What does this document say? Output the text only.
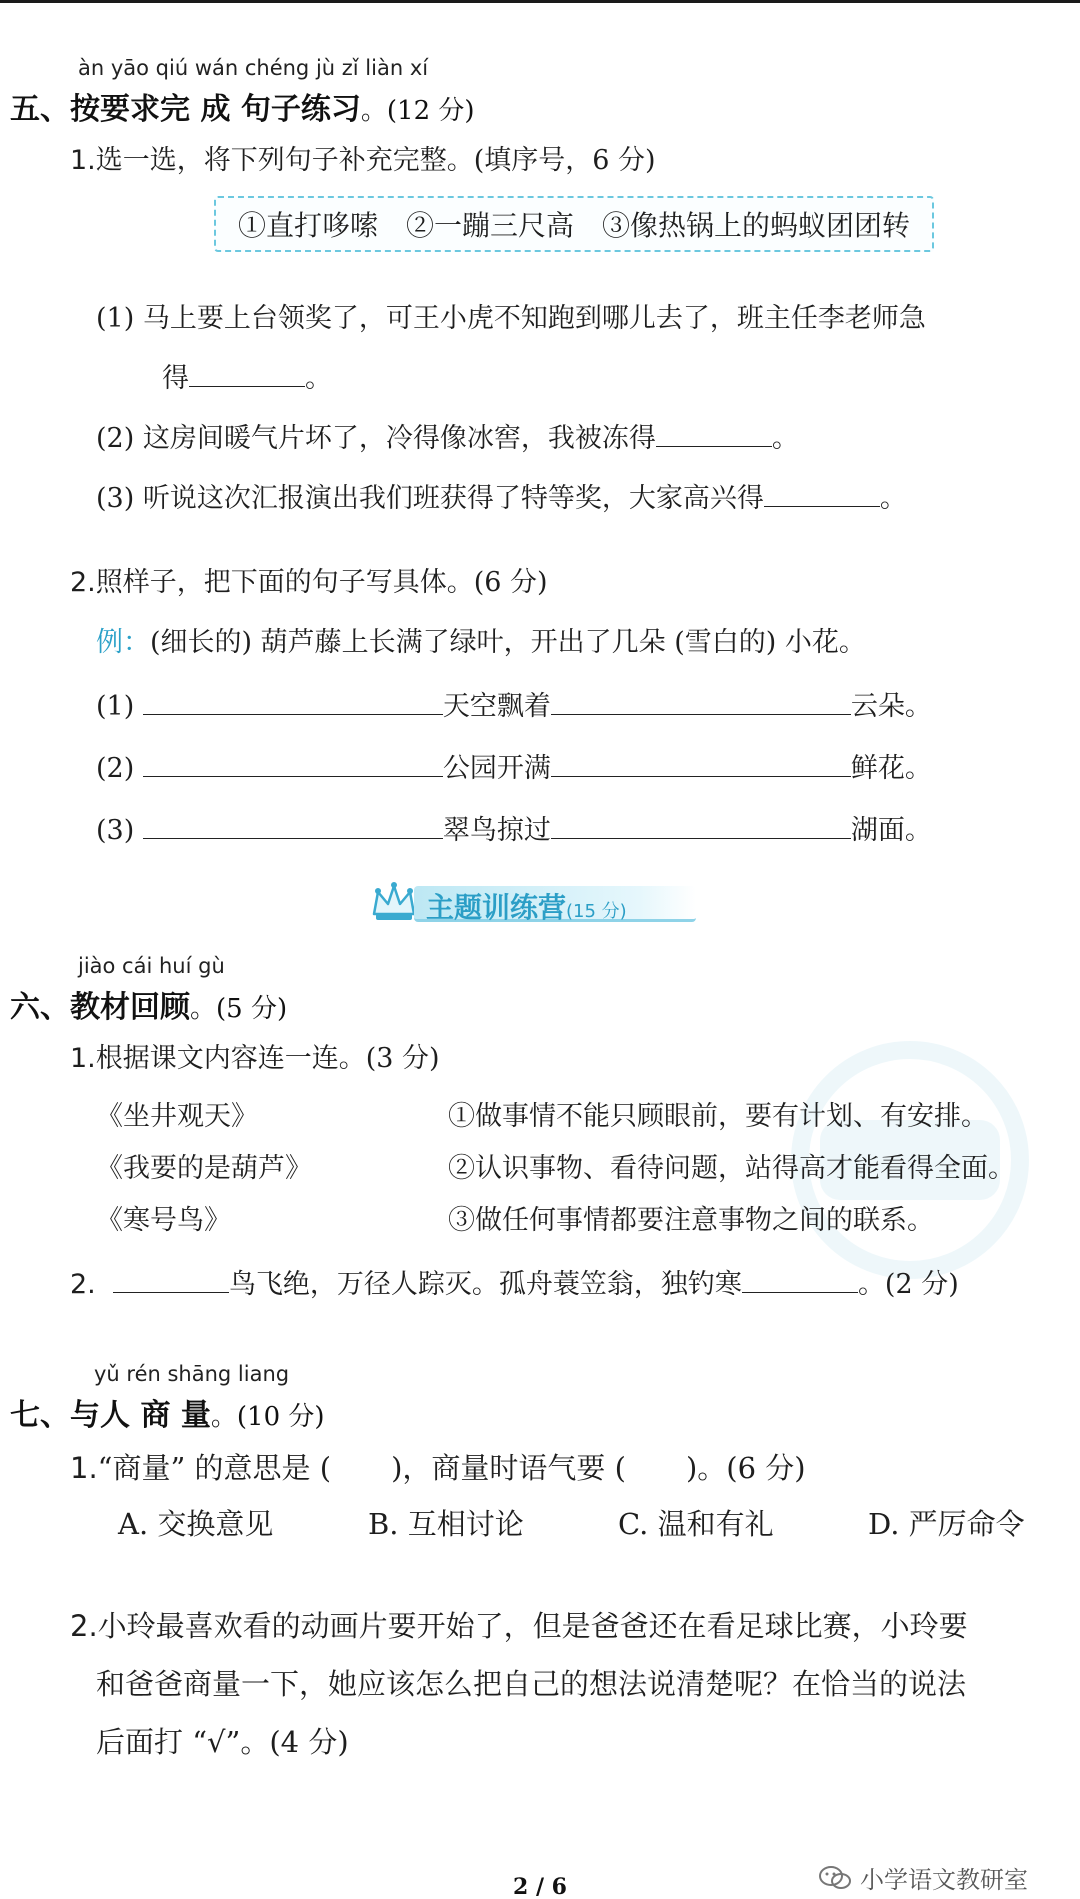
àn yāo qiú wán chéng jù zǐ liàn xí
五、按要求完 成 句子练习。(12 分)
1.选一选，将下列句子补充完整。(填序号，6 分)
①直打哆嗦 ②一蹦三尺高 ③像热锅上的蚂蚁团团转
(1) 马上要上台领奖了，可王小虎不知跑到哪儿去了，班主任李老师急
得	。
(2) 这房间暖气片坏了，冷得像冰窖，我被冻得	。
(3) 听说这次汇报演出我们班获得了特等奖，大家高兴得	。
2.照样子，把下面的句子写具体。(6 分)
例：(细长的) 葫芦藤上长满了绿叶，开出了几朵 (雪白的) 小花。
(1)	天空飘着	云朵。
(2)	公园开满	鲜花。
(3)	翠鸟掠过	湖面。
主题训练营(15 分)
jiào cái huí gù
六、教材回顾。(5 分)
1.根据课文内容连一连。(3 分)
《坐井观天》	①做事情不能只顾眼前，要有计划、有安排。
《我要的是葫芦》	②认识事物、看待问题，站得高才能看得全面。
《寒号鸟》	③做任何事情都要注意事物之间的联系。
2.	鸟飞绝，万径人踪灭。孤舟蓑笠翁，独钓寒	。(2 分)
yǔ rén shāng liang
七、与人 商 量。(10 分)
1.“商量” 的意思是 ( )，商量时语气要 ( )。(6 分)
A. 交换意见	B. 互相讨论	C. 温和有礼	D. 严厉命令
2.小玲最喜欢看的动画片要开始了，但是爸爸还在看足球比赛，小玲要
和爸爸商量一下，她应该怎么把自己的想法说清楚呢？在恰当的说法
后面打 “√”。(4 分)
小学语文教研室
2 / 6
